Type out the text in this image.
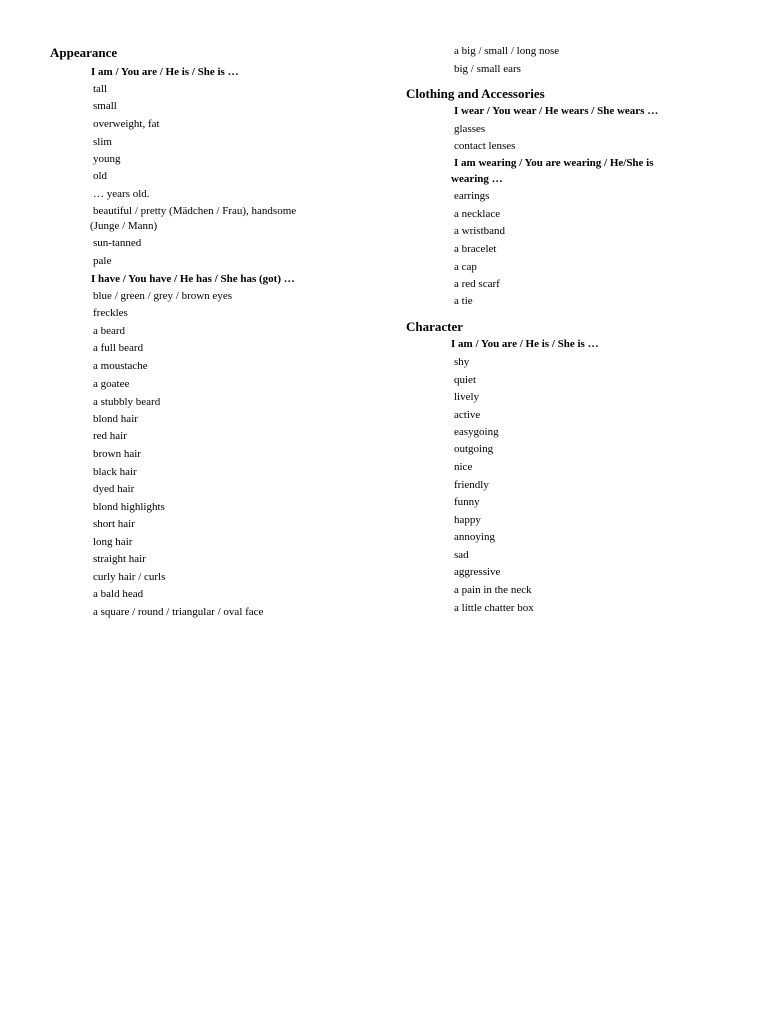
Appearance
I am / You are / He is / She is …
tall
small
overweight, fat
slim
young
old
… years old.
beautiful / pretty (Mädchen / Frau), handsome
(Junge / Mann)
sun-tanned
pale
I have / You have / He has / She has (got) …
blue / green / grey / brown eyes
freckles
a beard
a full beard
a moustache
a goatee
a stubbly beard
blond hair
red hair
brown hair
black hair
dyed hair
blond highlights
short hair
long hair
straight hair
curly hair / curls
a bald head
a square / round / triangular / oval face
a big / small / long nose
big / small ears
Clothing and Accessories
I wear / You wear / He wears / She wears …
glasses
contact lenses
I am wearing / You are wearing / He/She is
wearing …
earrings
a necklace
a wristband
a bracelet
a cap
a red scarf
a tie
Character
I am / You are / He is / She is …
shy
quiet
lively
active
easygoing
outgoing
nice
friendly
funny
happy
annoying
sad
aggressive
a pain in the neck
a little chatter box
